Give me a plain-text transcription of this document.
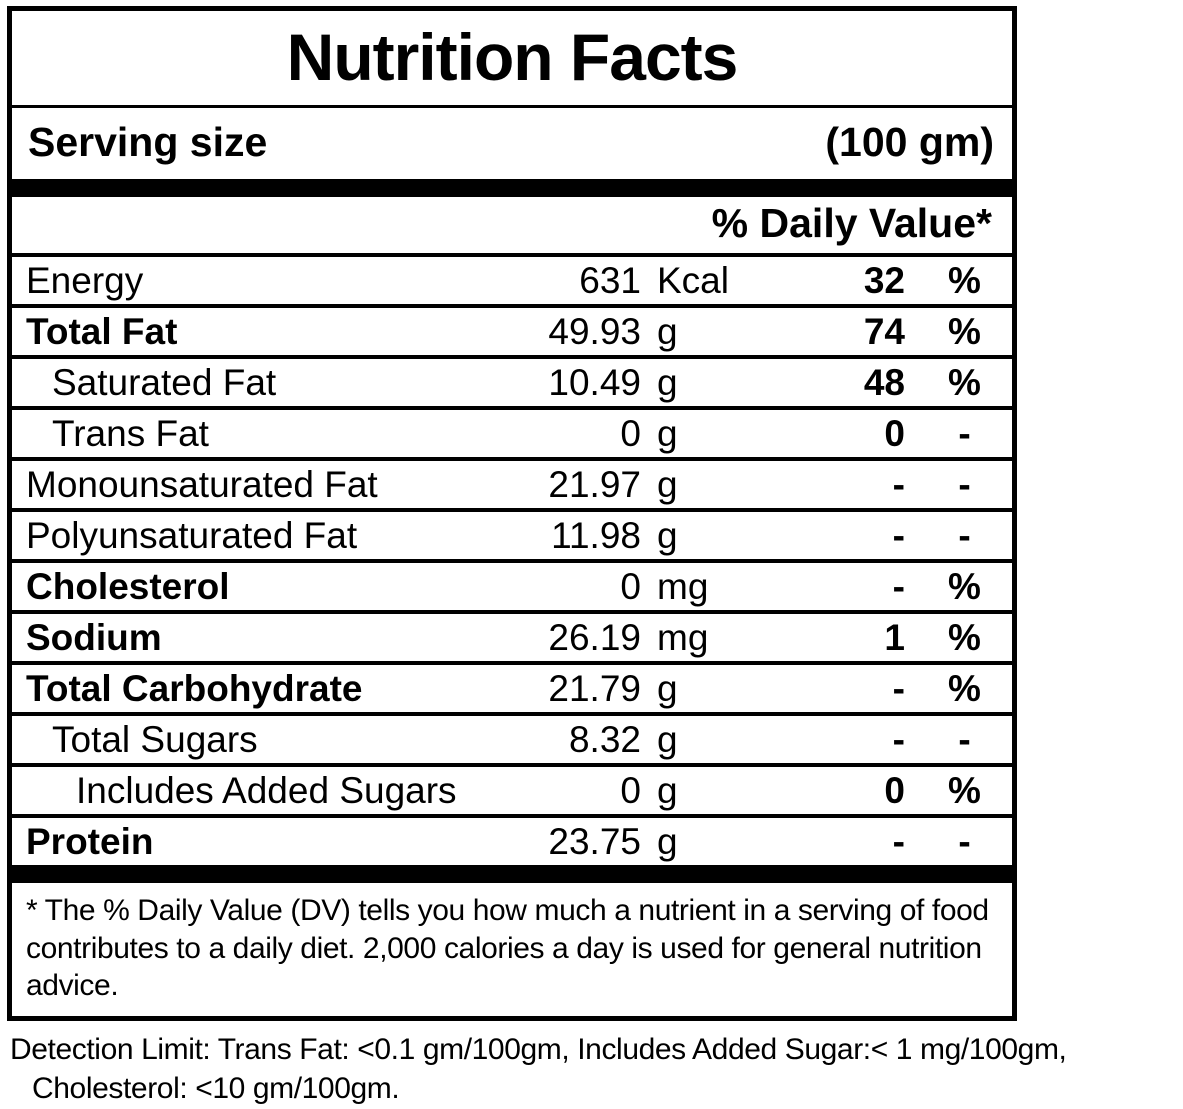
Nutrition Facts
Serving size	(100 gm)
% Daily Value*
Energy	631 Kcal	32	%
Total Fat	49.93 g	74	%
Saturated Fat	10.49 g	48	%
Trans Fat	0 g	0	-
Monounsaturated Fat	21.97 g	-	-
Polyunsaturated Fat	11.98 g	-	-
Cholesterol	0 mg	-	%
Sodium	26.19 mg	1	%
Total Carbohydrate	21.79 g	-	%
Total Sugars	8.32 g	-	-
Includes Added Sugars	0 g	0	%
Protein	23.75 g	-	-
* The % Daily Value (DV) tells you how much a nutrient in a serving of food contributes to a daily diet. 2,000 calories a day is used for general nutrition advice.
Detection Limit: Trans Fat: <0.1 gm/100gm, Includes Added Sugar:< 1 mg/100gm,
Cholesterol: <10 gm/100gm.
